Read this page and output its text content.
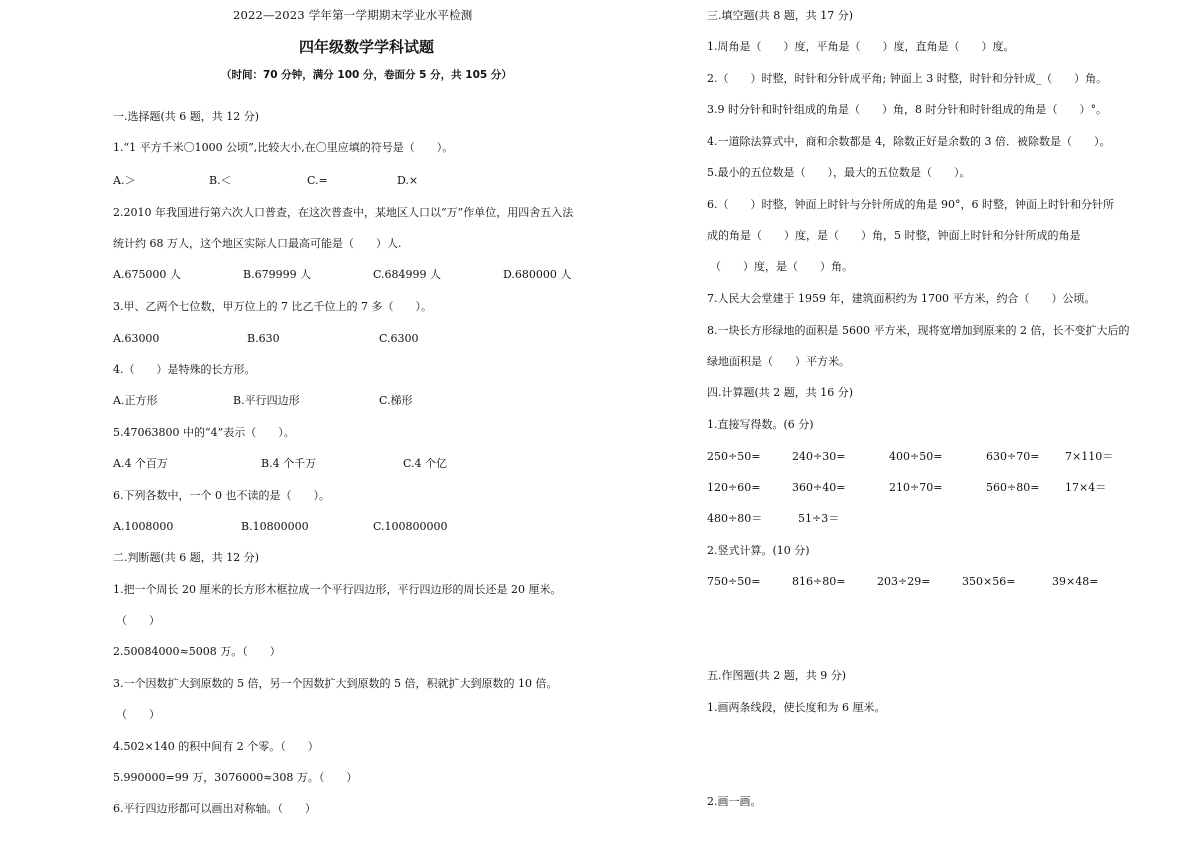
2022—2023 学年第一学期期末学业水平检测
四年级数学学科试题
（时间：70 分钟，满分 100 分，卷面分 5 分，共 105 分）
一.选择题(共 6 题，共 12 分)
1.“1 平方千米〇1000 公顷”,比较大小,在〇里应填的符号是（　　）。
A.＞	B.＜	C.=	D.×
2.2010 年我国进行第六次人口普查，在这次普查中，某地区人口以“万”作单位，用四舍五入法
统计约 68 万人，这个地区实际人口最高可能是（　　）人.
A.675000 人	B.679999 人	C.684999 人	D.680000 人
3.甲、乙两个七位数，甲万位上的 7 比乙千位上的 7 多（　　）。
A.63000	B.630	C.6300
4.（　　）是特殊的长方形。
A.正方形	B.平行四边形	C.梯形
5.47063800 中的“4”表示（　　）。
A.4 个百万	B.4 个千万	C.4 个亿
6.下列各数中，一个 0 也不读的是（　　）。
A.1008000	B.10800000	C.100800000
二.判断题(共 6 题，共 12 分)
1.把一个周长 20 厘米的长方形木框拉成一个平行四边形，平行四边形的周长还是 20 厘米。
（　　）
2.50084000≈5008 万。（　　）
3.一个因数扩大到原数的 5 倍，另一个因数扩大到原数的 5 倍，积就扩大到原数的 10 倍。
（　　）
4.502×140 的积中间有 2 个零。（　　）
5.990000=99 万，3076000≈308 万。（　　）
6.平行四边形都可以画出对称轴。（　　）
三.填空题(共 8 题，共 17 分)
1.周角是（　　）度，平角是（　　）度，直角是（　　）度。
2.（　　）时整，时针和分针成平角; 钟面上 3 时整，时针和分针成_（　　）角。
3.9 时分针和时针组成的角是（　　）角，8 时分针和时针组成的角是（　　）°。
4.一道除法算式中，商和余数都是 4，除数正好是余数的 3 倍．被除数是（　　）。
5.最小的五位数是（　　），最大的五位数是（　　）。
6.（　　）时整，钟面上时针与分针所成的角是 90°，6 时整，钟面上时针和分针所
成的角是（　　）度，是（　　）角，5 时整，钟面上时针和分针所成的角是
（　　）度，是（　　）角。
7.人民大会堂建于 1959 年，建筑面积约为 1700 平方米，约合（　　）公顷。
8.一块长方形绿地的面积是 5600 平方米，现将宽增加到原来的 2 倍，长不变扩大后的
绿地面积是（　　）平方米。
四.计算题(共 2 题，共 16 分)
1.直接写得数。(6 分)
250÷50=	240÷30=	400÷50=	630÷70= 7×110＝
120÷60=	360÷40=	210÷70=	560÷80= 17×4＝
480÷80＝	51÷3＝
2.竖式计算。(10 分)
750÷50=	816÷80=	203÷29=	350×56=	39×48=
五.作图题(共 2 题，共 9 分)
1.画两条线段，使长度和为 6 厘米。
2.画一画。
